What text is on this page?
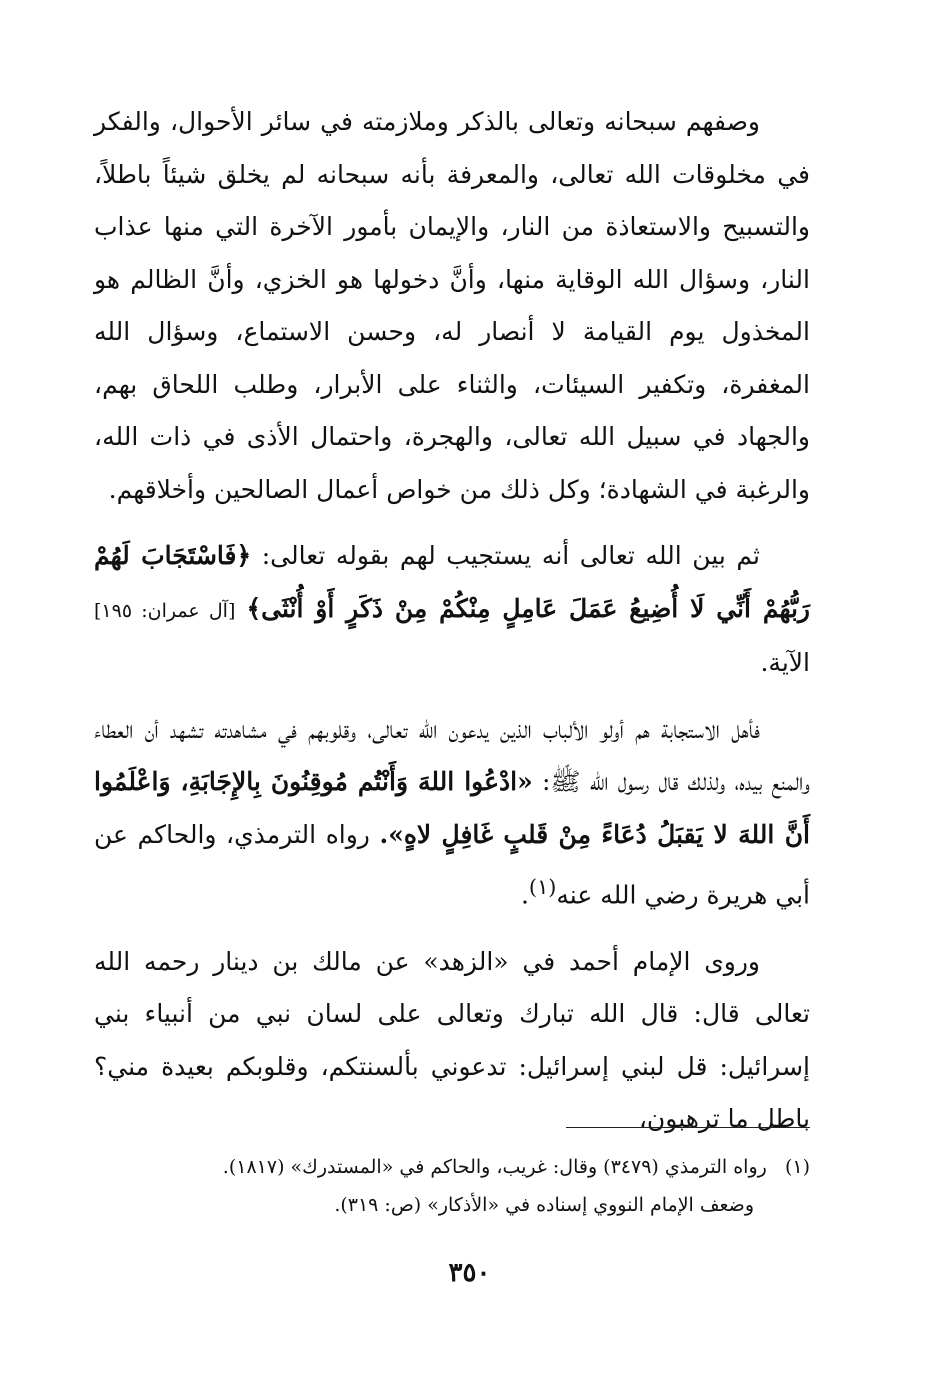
وصفهم سبحانه وتعالى بالذكر وملازمته في سائر الأحوال، والفكر في مخلوقات الله تعالى، والمعرفة بأنه سبحانه لم يخلق شيئاً باطلاً، والتسبيح والاستعاذة من النار، والإيمان بأمور الآخرة التي منها عذاب النار، وسؤال الله الوقاية منها، وأنَّ دخولها هو الخزي، وأنَّ الظالم هو المخذول يوم القيامة لا أنصار له، وحسن الاستماع، وسؤال الله المغفرة، وتكفير السيئات، والثناء على الأبرار، وطلب اللحاق بهم، والجهاد في سبيل الله تعالى، والهجرة، واحتمال الأذى في ذات الله، والرغبة في الشهادة؛ وكل ذلك من خواص أعمال الصالحين وأخلاقهم.

ثم بين الله تعالى أنه يستجيب لهم بقوله تعالى: ﴿فَاسْتَجَابَ لَهُمْ رَبُّهُمْ أَنِّي لَا أُضِيعُ عَمَلَ عَامِلٍ مِنْكُمْ مِنْ ذَكَرٍ أَوْ أُنْثَى﴾ [آل عمران: ١٩٥] الآية.

فأهل الاستجابة هم أولو الألباب الذين يدعون الله تعالى، وقلوبهم في مشاهدته تشهد أن العطاء والمنع بيده، ولذلك قال رسول الله ﷺ: «ادْعُوا اللهَ وَأَنْتُم مُوقِنُونَ بِالإِجَابَةِ، وَاعْلَمُوا أَنَّ اللهَ لا يَقبَلُ دُعَاءً مِنْ قَلبٍ غَافِلٍ لاهٍ». رواه الترمذي، والحاكم عن أبي هريرة رضي الله عنه$^{(١)}$.

وروى الإمام أحمد في «الزهد» عن مالك بن دينار رحمه الله تعالى قال: قال الله تبارك وتعالى على لسان نبي من أنبياء بني إسرائيل: قل لبني إسرائيل: تدعوني بألسنتكم، وقلوبكم بعيدة مني؟ باطل ما ترهبون،

(١)   رواه الترمذي (٣٤٧٩) وقال: غريب، والحاكم في «المستدرك» (١٨١٧).
وضعف الإمام النووي إسناده في «الأذكار» (ص: ٣١٩).
٣٥٠
